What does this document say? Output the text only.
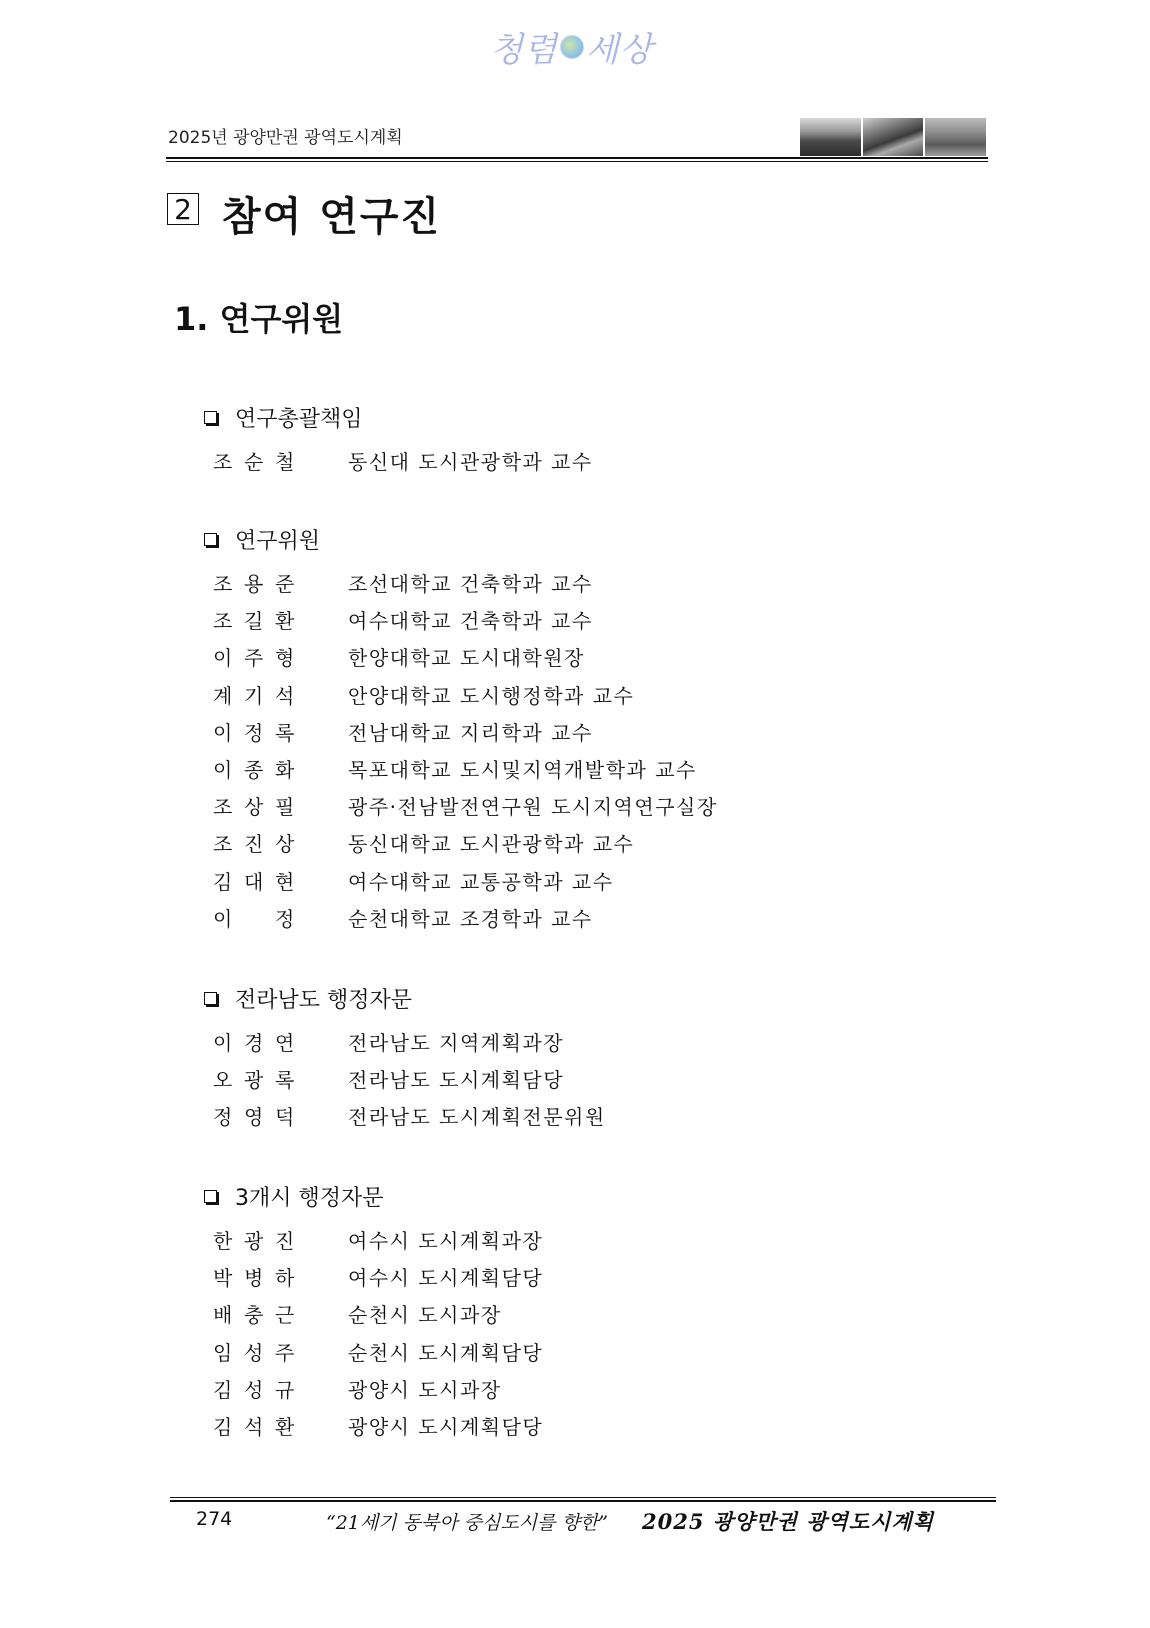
청렴 세상
2025년 광양만권 광역도시계획
2 참여 연구진
1. 연구위원
연구총괄책임
조 순 철	동신대 도시관광학과 교수
연구위원
조 용 준	조선대학교 건축학과 교수
조 길 환	여수대학교 건축학과 교수
이 주 형	한양대학교 도시대학원장
계 기 석	안양대학교 도시행정학과 교수
이 정 록	전남대학교 지리학과 교수
이 종 화	목포대학교 도시및지역개발학과 교수
조 상 필	광주·전남발전연구원 도시지역연구실장
조 진 상	동신대학교 도시관광학과 교수
김 대 현	여수대학교 교통공학과 교수
이 정	순천대학교 조경학과 교수
전라남도 행정자문
이 경 연	전라남도 지역계획과장
오 광 록	전라남도 도시계획담당
정 영 덕	전라남도 도시계획전문위원
3개시 행정자문
한 광 진	여수시 도시계획과장
박 병 하	여수시 도시계획담당
배 충 근	순천시 도시과장
임 성 주	순천시 도시계획담당
김 성 규	광양시 도시과장
김 석 환	광양시 도시계획담당
274	“21세기 동북아 중심도시를 향한” 2025 광양만권 광역도시계획
